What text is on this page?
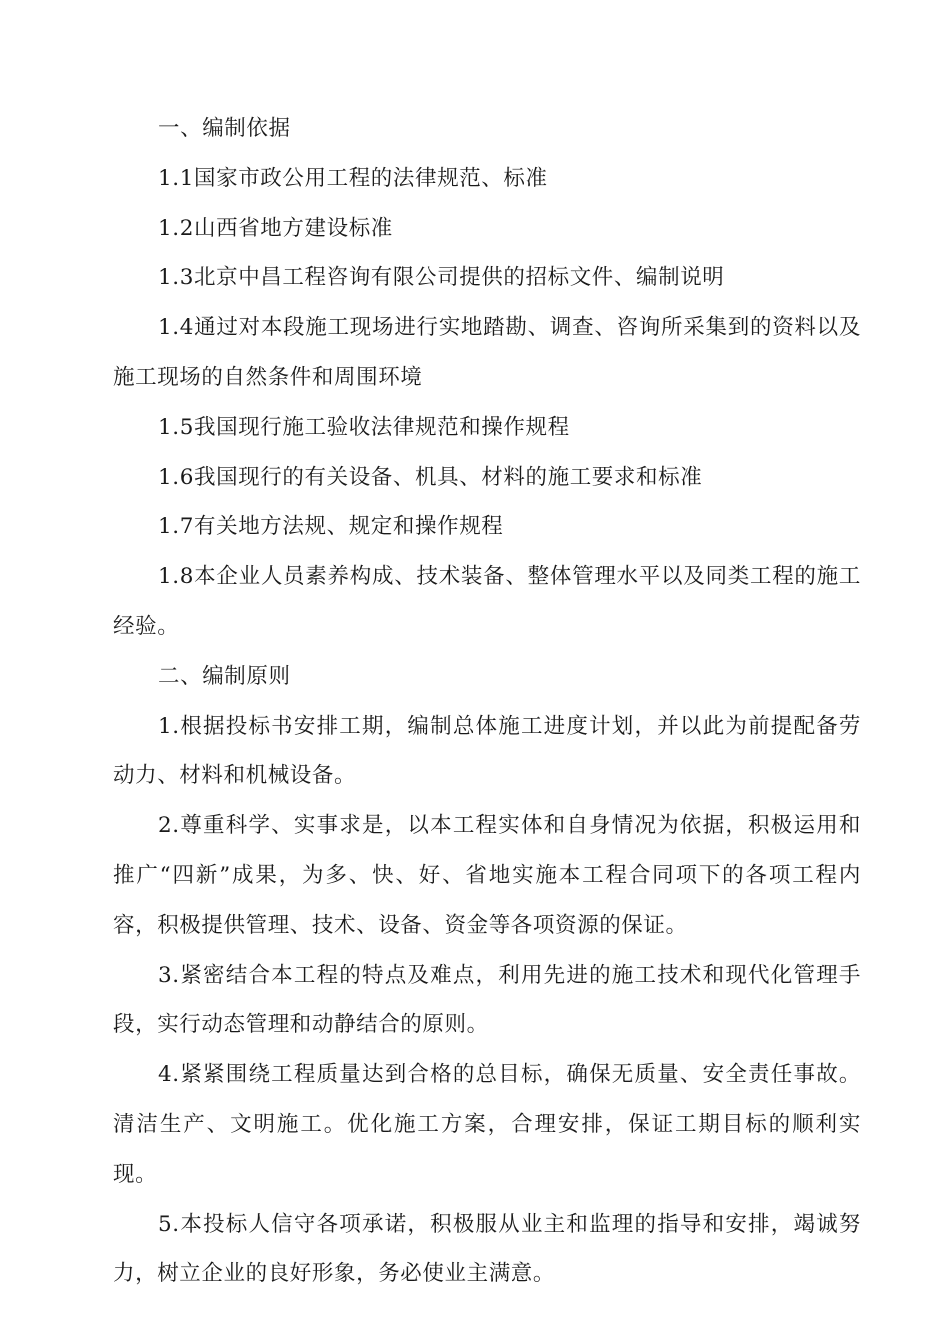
一、编制依据

1.1国家市政公用工程的法律规范、标准

1.2山西省地方建设标准

1.3北京中昌工程咨询有限公司提供的招标文件、编制说明

1.4通过对本段施工现场进行实地踏勘、调查、咨询所采集到的资料以及施工现场的自然条件和周围环境

1.5我国现行施工验收法律规范和操作规程

1.6我国现行的有关设备、机具、材料的施工要求和标准

1.7有关地方法规、规定和操作规程

1.8本企业人员素养构成、技术装备、整体管理水平以及同类工程的施工经验。

二、编制原则

1.根据投标书安排工期，编制总体施工进度计划，并以此为前提配备劳动力、材料和机械设备。

2.尊重科学、实事求是，以本工程实体和自身情况为依据，积极运用和推广“四新”成果，为多、快、好、省地实施本工程合同项下的各项工程内容，积极提供管理、技术、设备、资金等各项资源的保证。

3.紧密结合本工程的特点及难点，利用先进的施工技术和现代化管理手段，实行动态管理和动静结合的原则。

4.紧紧围绕工程质量达到合格的总目标，确保无质量、安全责任事故。清洁生产、文明施工。优化施工方案，合理安排，保证工期目标的顺利实现。

5.本投标人信守各项承诺，积极服从业主和监理的指导和安排，竭诚努力，树立企业的良好形象，务必使业主满意。
